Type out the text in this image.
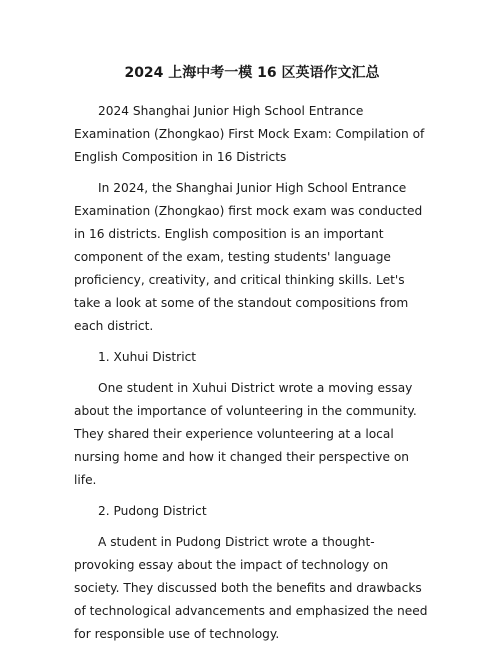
2024 上海中考一模 16 区英语作文汇总

2024 Shanghai Junior High School Entrance Examination (Zhongkao) First Mock Exam: Compilation of English Composition in 16 Districts

In 2024, the Shanghai Junior High School Entrance Examination (Zhongkao) first mock exam was conducted in 16 districts. English composition is an important component of the exam, testing students' language proficiency, creativity, and critical thinking skills. Let's take a look at some of the standout compositions from each district.

1. Xuhui District

One student in Xuhui District wrote a moving essay about the importance of volunteering in the community. They shared their experience volunteering at a local nursing home and how it changed their perspective on life.

2. Pudong District

A student in Pudong District wrote a thought-provoking essay about the impact of technology on society. They discussed both the benefits and drawbacks of technological advancements and emphasized the need for responsible use of technology.
